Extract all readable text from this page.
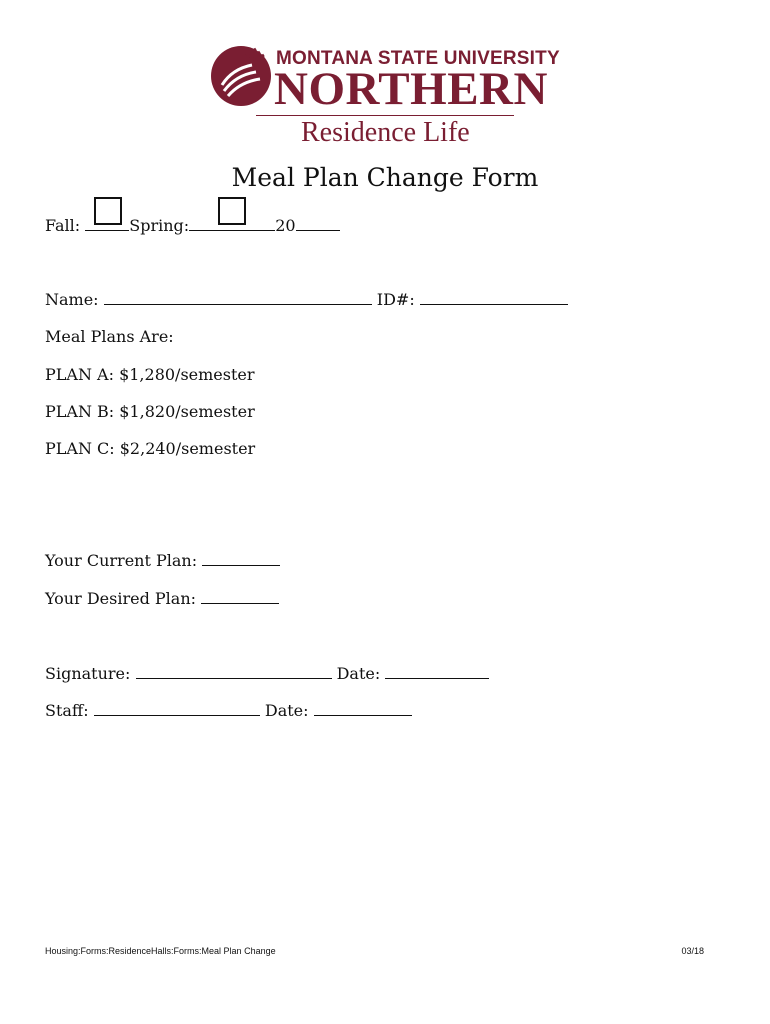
MONTANA STATE UNIVERSITY
NORTHERN
Residence Life
Meal Plan Change Form
Fall:	Spring:	20
Name:	ID#:
Meal Plans Are:
PLAN A: $1,280/semester
PLAN B: $1,820/semester
PLAN C: $2,240/semester
Your Current Plan:
Your Desired Plan:
Signature:	Date:
Staff:	Date:
Housing:Forms:ResidenceHalls:Forms:Meal Plan Change	03/18
